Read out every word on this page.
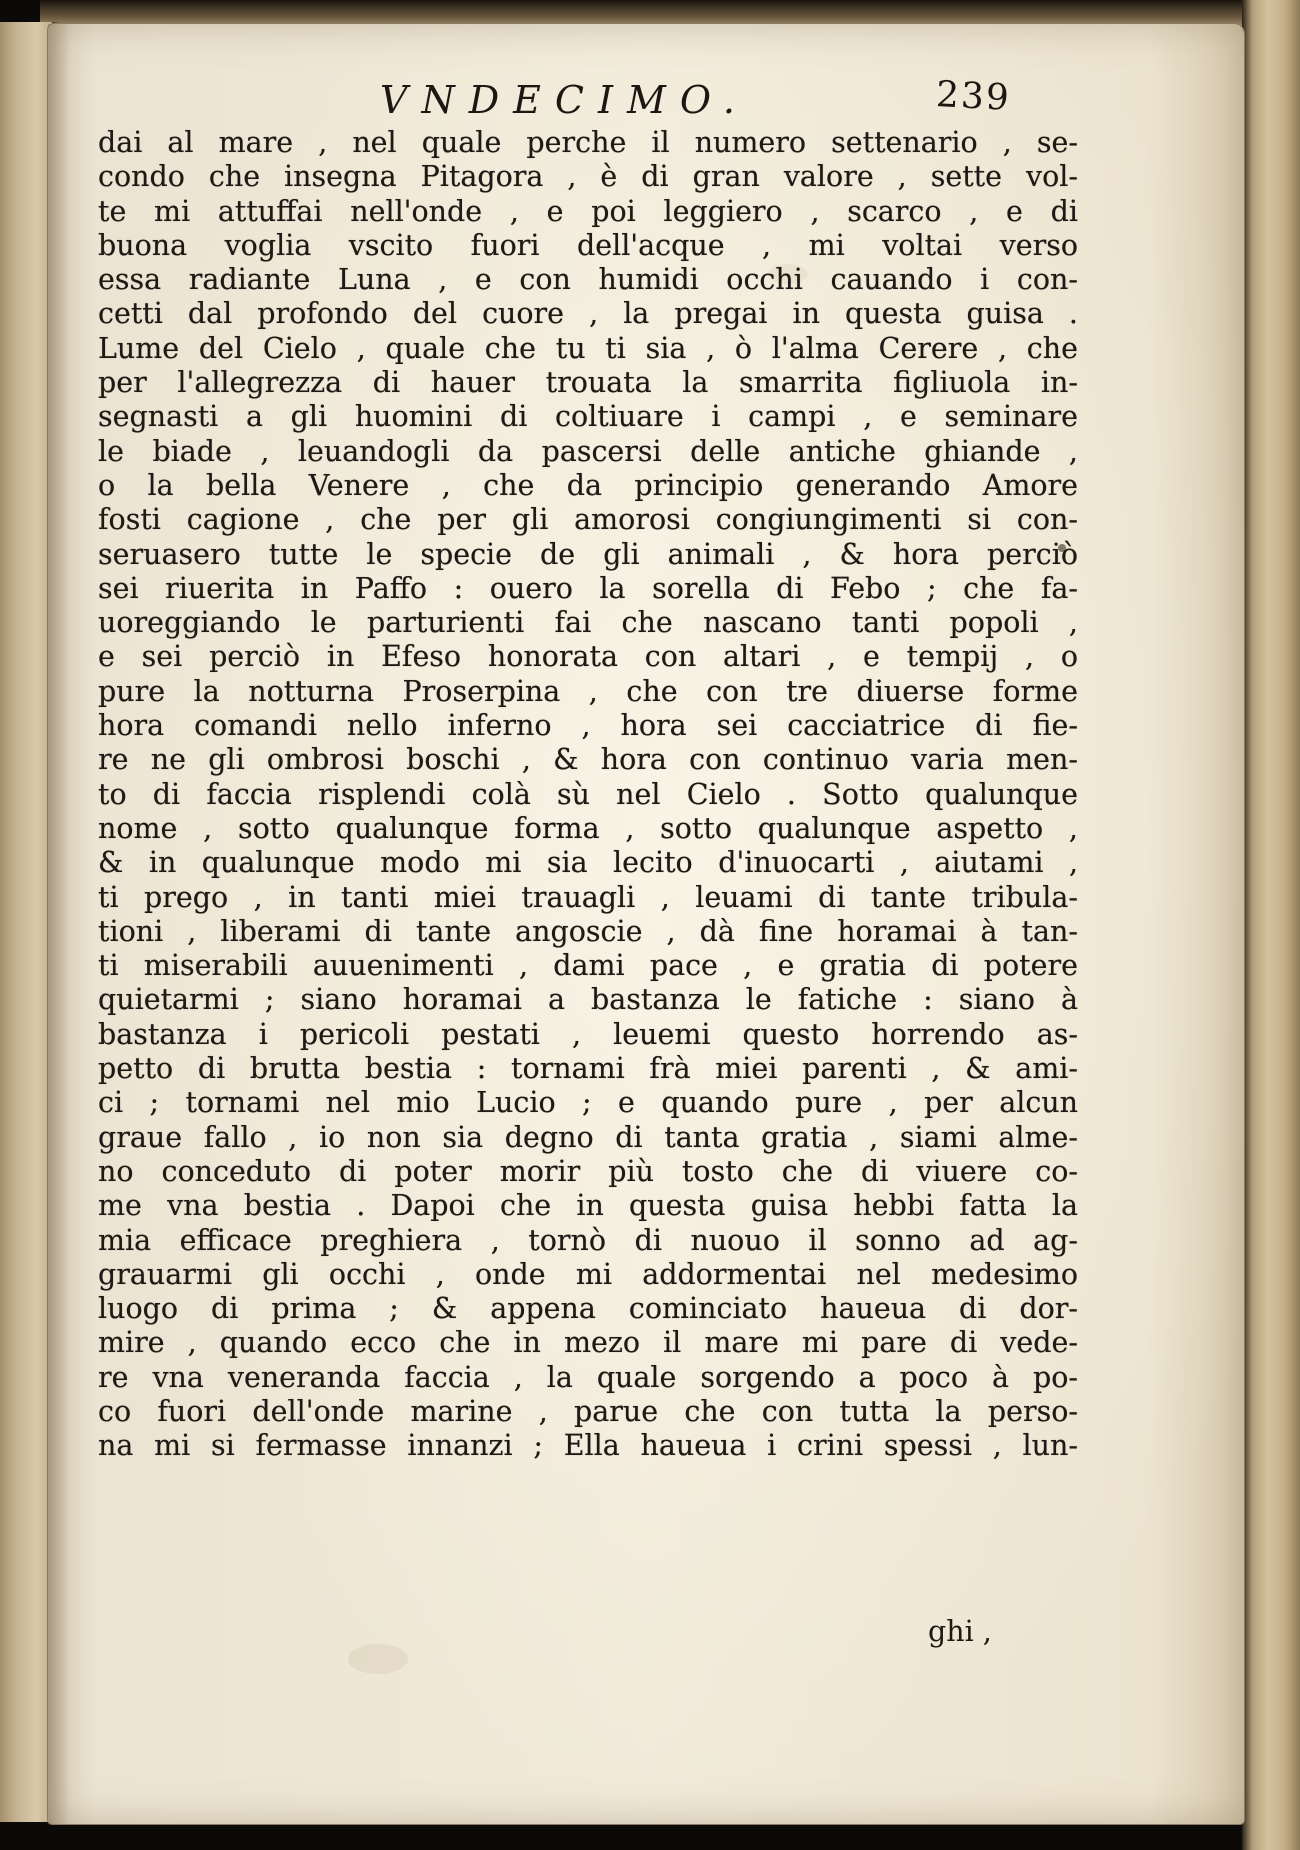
VNDECIMO.	239
dai al mare , nel quale perche il numero settenario , se-
condo che insegna Pitagora , è di gran valore , sette vol-
te mi attuffai nell'onde , e poi leggiero , scarco , e di
buona voglia vscito fuori dell'acque , mi voltai verso
essa radiante Luna , e con humidi occhi cauando i con-
cetti dal profondo del cuore , la pregai in questa guisa .
Lume del Cielo , quale che tu ti sia , ò l'alma Cerere , che
per l'allegrezza di hauer trouata la smarrita figliuola in-
segnasti a gli huomini di coltiuare i campi , e seminare
le biade , leuandogli da pascersi delle antiche ghiande ,
o la bella Venere , che da principio generando Amore
fosti cagione , che per gli amorosi congiungimenti si con-
seruasero tutte le specie de gli animali , & hora perciò
sei riuerita in Paffo : ouero la sorella di Febo ; che fa-
uoreggiando le parturienti fai che nascano tanti popoli ,
e sei perciò in Efeso honorata con altari , e tempij , o
pure la notturna Proserpina , che con tre diuerse forme
hora comandi nello inferno , hora sei cacciatrice di fie-
re ne gli ombrosi boschi , & hora con continuo varia men-
to di faccia risplendi colà sù nel Cielo . Sotto qualunque
nome , sotto qualunque forma , sotto qualunque aspetto ,
& in qualunque modo mi sia lecito d'inuocarti , aiutami ,
ti prego , in tanti miei trauagli , leuami di tante tribula-
tioni , liberami di tante angoscie , dà fine horamai à tan-
ti miserabili auuenimenti , dami pace , e gratia di potere
quietarmi ; siano horamai a bastanza le fatiche : siano à
bastanza i pericoli pestati , leuemi questo horrendo as-
petto di brutta bestia : tornami frà miei parenti , & ami-
ci ; tornami nel mio Lucio ; e quando pure , per alcun
graue fallo , io non sia degno di tanta gratia , siami alme-
no conceduto di poter morir più tosto che di viuere co-
me vna bestia . Dapoi che in questa guisa hebbi fatta la
mia efficace preghiera , tornò di nuouo il sonno ad ag-
grauarmi gli occhi , onde mi addormentai nel medesimo
luogo di prima ; & appena cominciato haueua di dor-
mire , quando ecco che in mezo il mare mi pare di vede-
re vna veneranda faccia , la quale sorgendo a poco à po-
co fuori dell'onde marine , parue che con tutta la perso-
na mi si fermasse innanzi ; Ella haueua i crini spessi , lun-
ghi ,
